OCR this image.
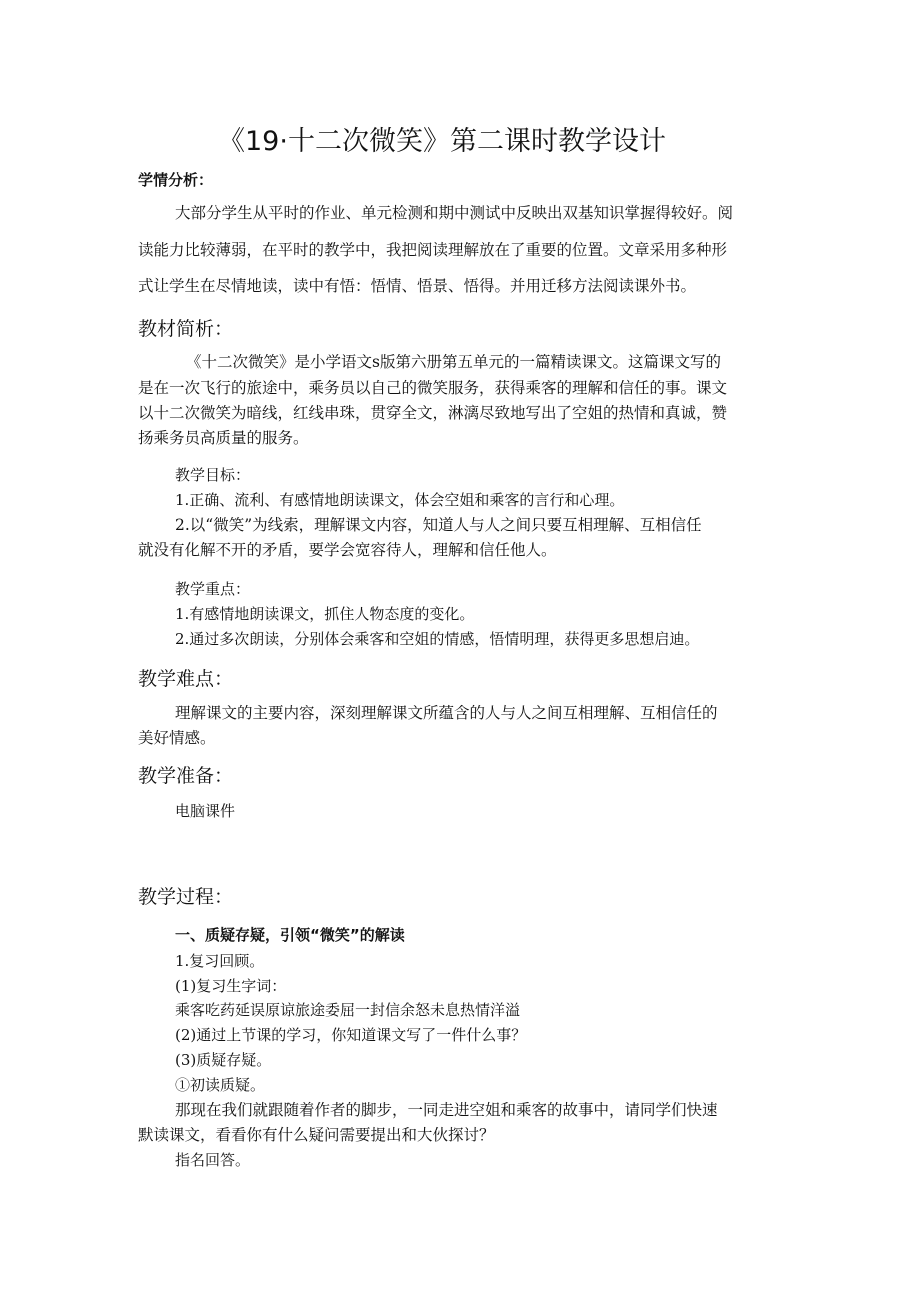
《19·十二次微笑》第二课时教学设计
学情分析：
大部分学生从平时的作业、单元检测和期中测试中反映出双基知识掌握得较好。阅
读能力比较薄弱，在平时的教学中，我把阅读理解放在了重要的位置。文章采用多种形
式让学生在尽情地读，读中有悟：悟情、悟景、悟得。并用迁移方法阅读课外书。
教材简析：
《十二次微笑》是小学语文s版第六册第五单元的一篇精读课文。这篇课文写的
是在一次飞行的旅途中，乘务员以自己的微笑服务，获得乘客的理解和信任的事。课文
以十二次微笑为暗线，红线串珠，贯穿全文，淋漓尽致地写出了空姐的热情和真诚，赞
扬乘务员高质量的服务。
教学目标：
1.正确、流利、有感情地朗读课文，体会空姐和乘客的言行和心理。
2.以“微笑”为线索，理解课文内容，知道人与人之间只要互相理解、互相信任
就没有化解不开的矛盾，要学会宽容待人，理解和信任他人。
教学重点：
1.有感情地朗读课文，抓住人物态度的变化。
2.通过多次朗读，分别体会乘客和空姐的情感，悟情明理，获得更多思想启迪。
教学难点：
理解课文的主要内容，深刻理解课文所蕴含的人与人之间互相理解、互相信任的
美好情感。
教学准备：
电脑课件
教学过程：
一、质疑存疑，引领“微笑”的解读
1.复习回顾。
(1)复习生字词：
乘客吃药延误原谅旅途委屈一封信余怒未息热情洋溢
(2)通过上节课的学习，你知道课文写了一件什么事？
(3)质疑存疑。
①初读质疑。
那现在我们就跟随着作者的脚步，一同走进空姐和乘客的故事中，请同学们快速
默读课文，看看你有什么疑问需要提出和大伙探讨？
指名回答。
